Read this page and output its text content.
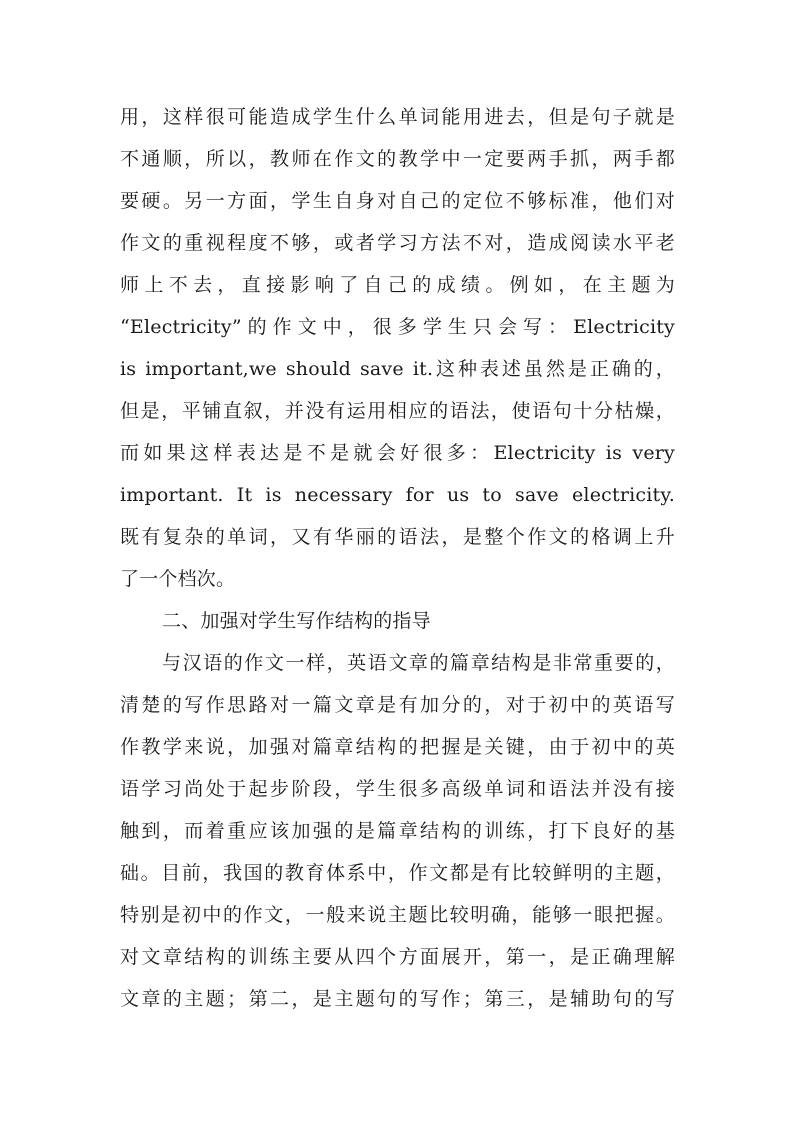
用，这样很可能造成学生什么单词能用进去，但是句子就是
不通顺，所以，教师在作文的教学中一定要两手抓，两手都
要硬。另一方面，学生自身对自己的定位不够标准，他们对
作文的重视程度不够，或者学习方法不对，造成阅读水平老
师上不去，直接影响了自己的成绩。例如，在主题为
“Electricity”的作文中，很多学生只会写：Electricity
is important,we should save it.这种表述虽然是正确的，
但是，平铺直叙，并没有运用相应的语法，使语句十分枯燥，
而如果这样表达是不是就会好很多：Electricity is very
important. It is necessary for us to save electricity.
既有复杂的单词，又有华丽的语法，是整个作文的格调上升
了一个档次。
二、加强对学生写作结构的指导
与汉语的作文一样，英语文章的篇章结构是非常重要的，
清楚的写作思路对一篇文章是有加分的，对于初中的英语写
作教学来说，加强对篇章结构的把握是关键，由于初中的英
语学习尚处于起步阶段，学生很多高级单词和语法并没有接
触到，而着重应该加强的是篇章结构的训练，打下良好的基
础。目前，我国的教育体系中，作文都是有比较鲜明的主题，
特别是初中的作文，一般来说主题比较明确，能够一眼把握。
对文章结构的训练主要从四个方面展开，第一，是正确理解
文章的主题；第二，是主题句的写作；第三，是辅助句的写
